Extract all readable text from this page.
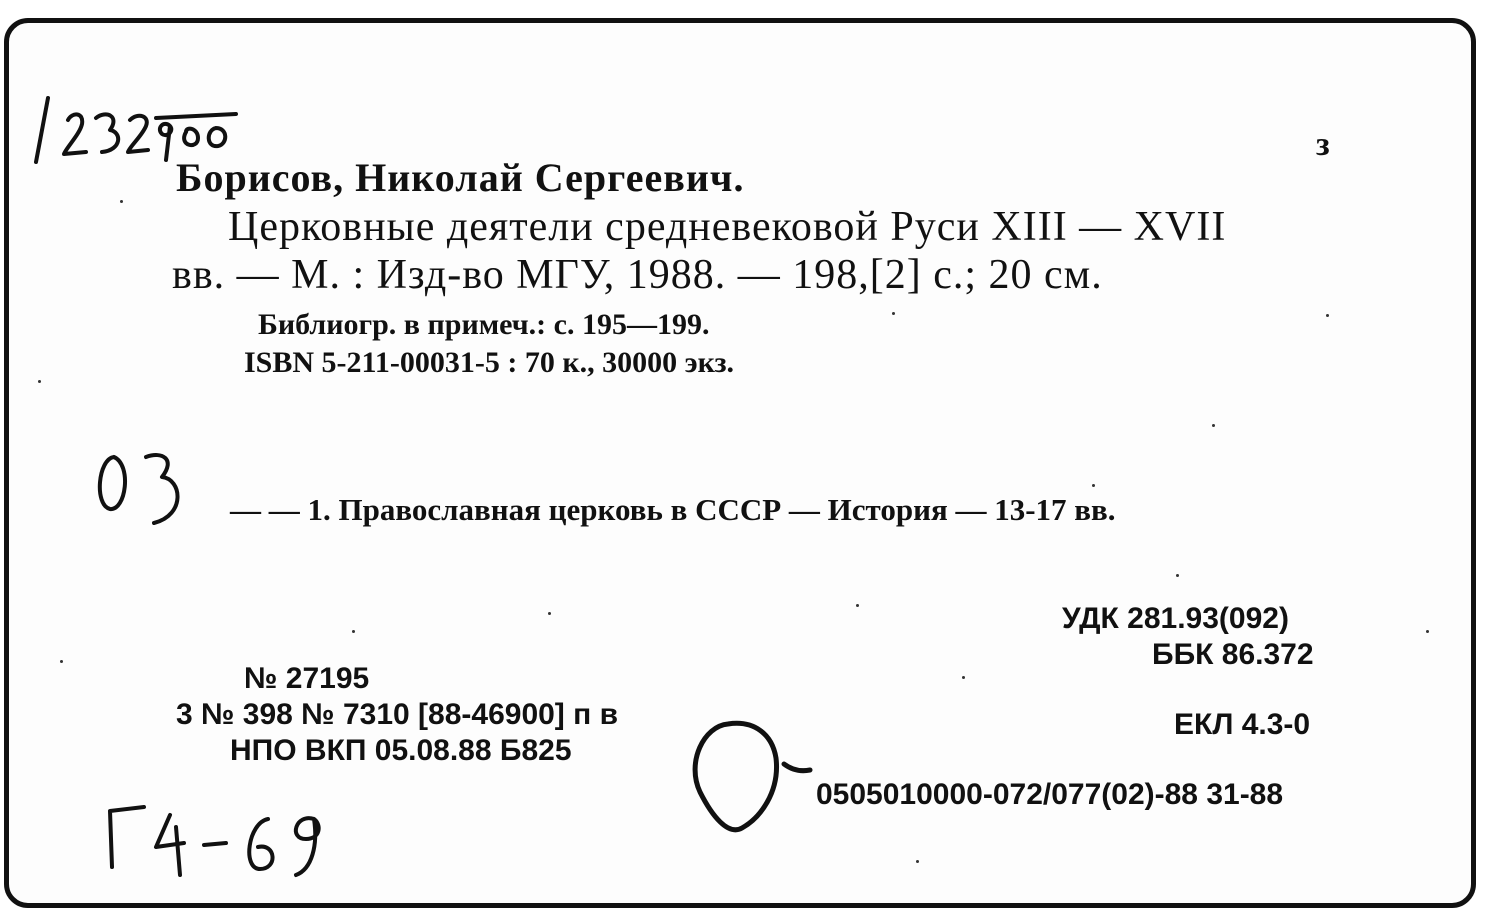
з
Борисов, Николай Сергеевич.
Церковные деятели средневековой Руси XIII — XVII
вв. — М. : Изд-во МГУ, 1988. — 198,[2] с.; 20 см.
Библиогр. в примеч.: с. 195—199.
ISBN 5-211-00031-5 : 70 к., 30000 экз.
— — 1. Православная церковь в СССР — История — 13-17 вв.
УДК 281.93(092)
ББК 86.372
№ 27195
3 № 398 № 7310 [88-46900] п в	ЕКЛ 4.3-0
НПО ВКП 05.08.88 Б825
0505010000-072/077(02)-88 31-88
